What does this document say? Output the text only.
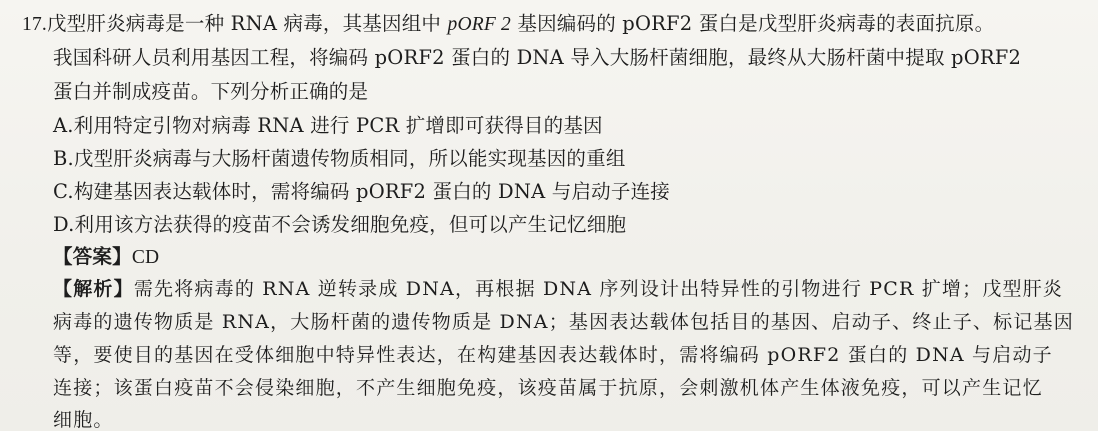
17.戊型肝炎病毒是一种 RNA 病毒，其基因组中 pORF 2 基因编码的 pORF2 蛋白是戊型肝炎病毒的表面抗原。
我国科研人员利用基因工程，将编码 pORF2 蛋白的 DNA 导入大肠杆菌细胞，最终从大肠杆菌中提取 pORF2
蛋白并制成疫苗。下列分析正确的是
A.利用特定引物对病毒 RNA 进行 PCR 扩增即可获得目的基因
B.戊型肝炎病毒与大肠杆菌遗传物质相同，所以能实现基因的重组
C.构建基因表达载体时，需将编码 pORF2 蛋白的 DNA 与启动子连接
D.利用该方法获得的疫苗不会诱发细胞免疫，但可以产生记忆细胞
【答案】CD
【解析】需先将病毒的 RNA 逆转录成 DNA，再根据 DNA 序列设计出特异性的引物进行 PCR 扩增；戊型肝炎
病毒的遗传物质是 RNA，大肠杆菌的遗传物质是 DNA；基因表达载体包括目的基因、启动子、终止子、标记基因
等，要使目的基因在受体细胞中特异性表达，在构建基因表达载体时，需将编码 pORF2 蛋白的 DNA 与启动子
连接；该蛋白疫苗不会侵染细胞，不产生细胞免疫，该疫苗属于抗原，会刺激机体产生体液免疫，可以产生记忆
细胞。
